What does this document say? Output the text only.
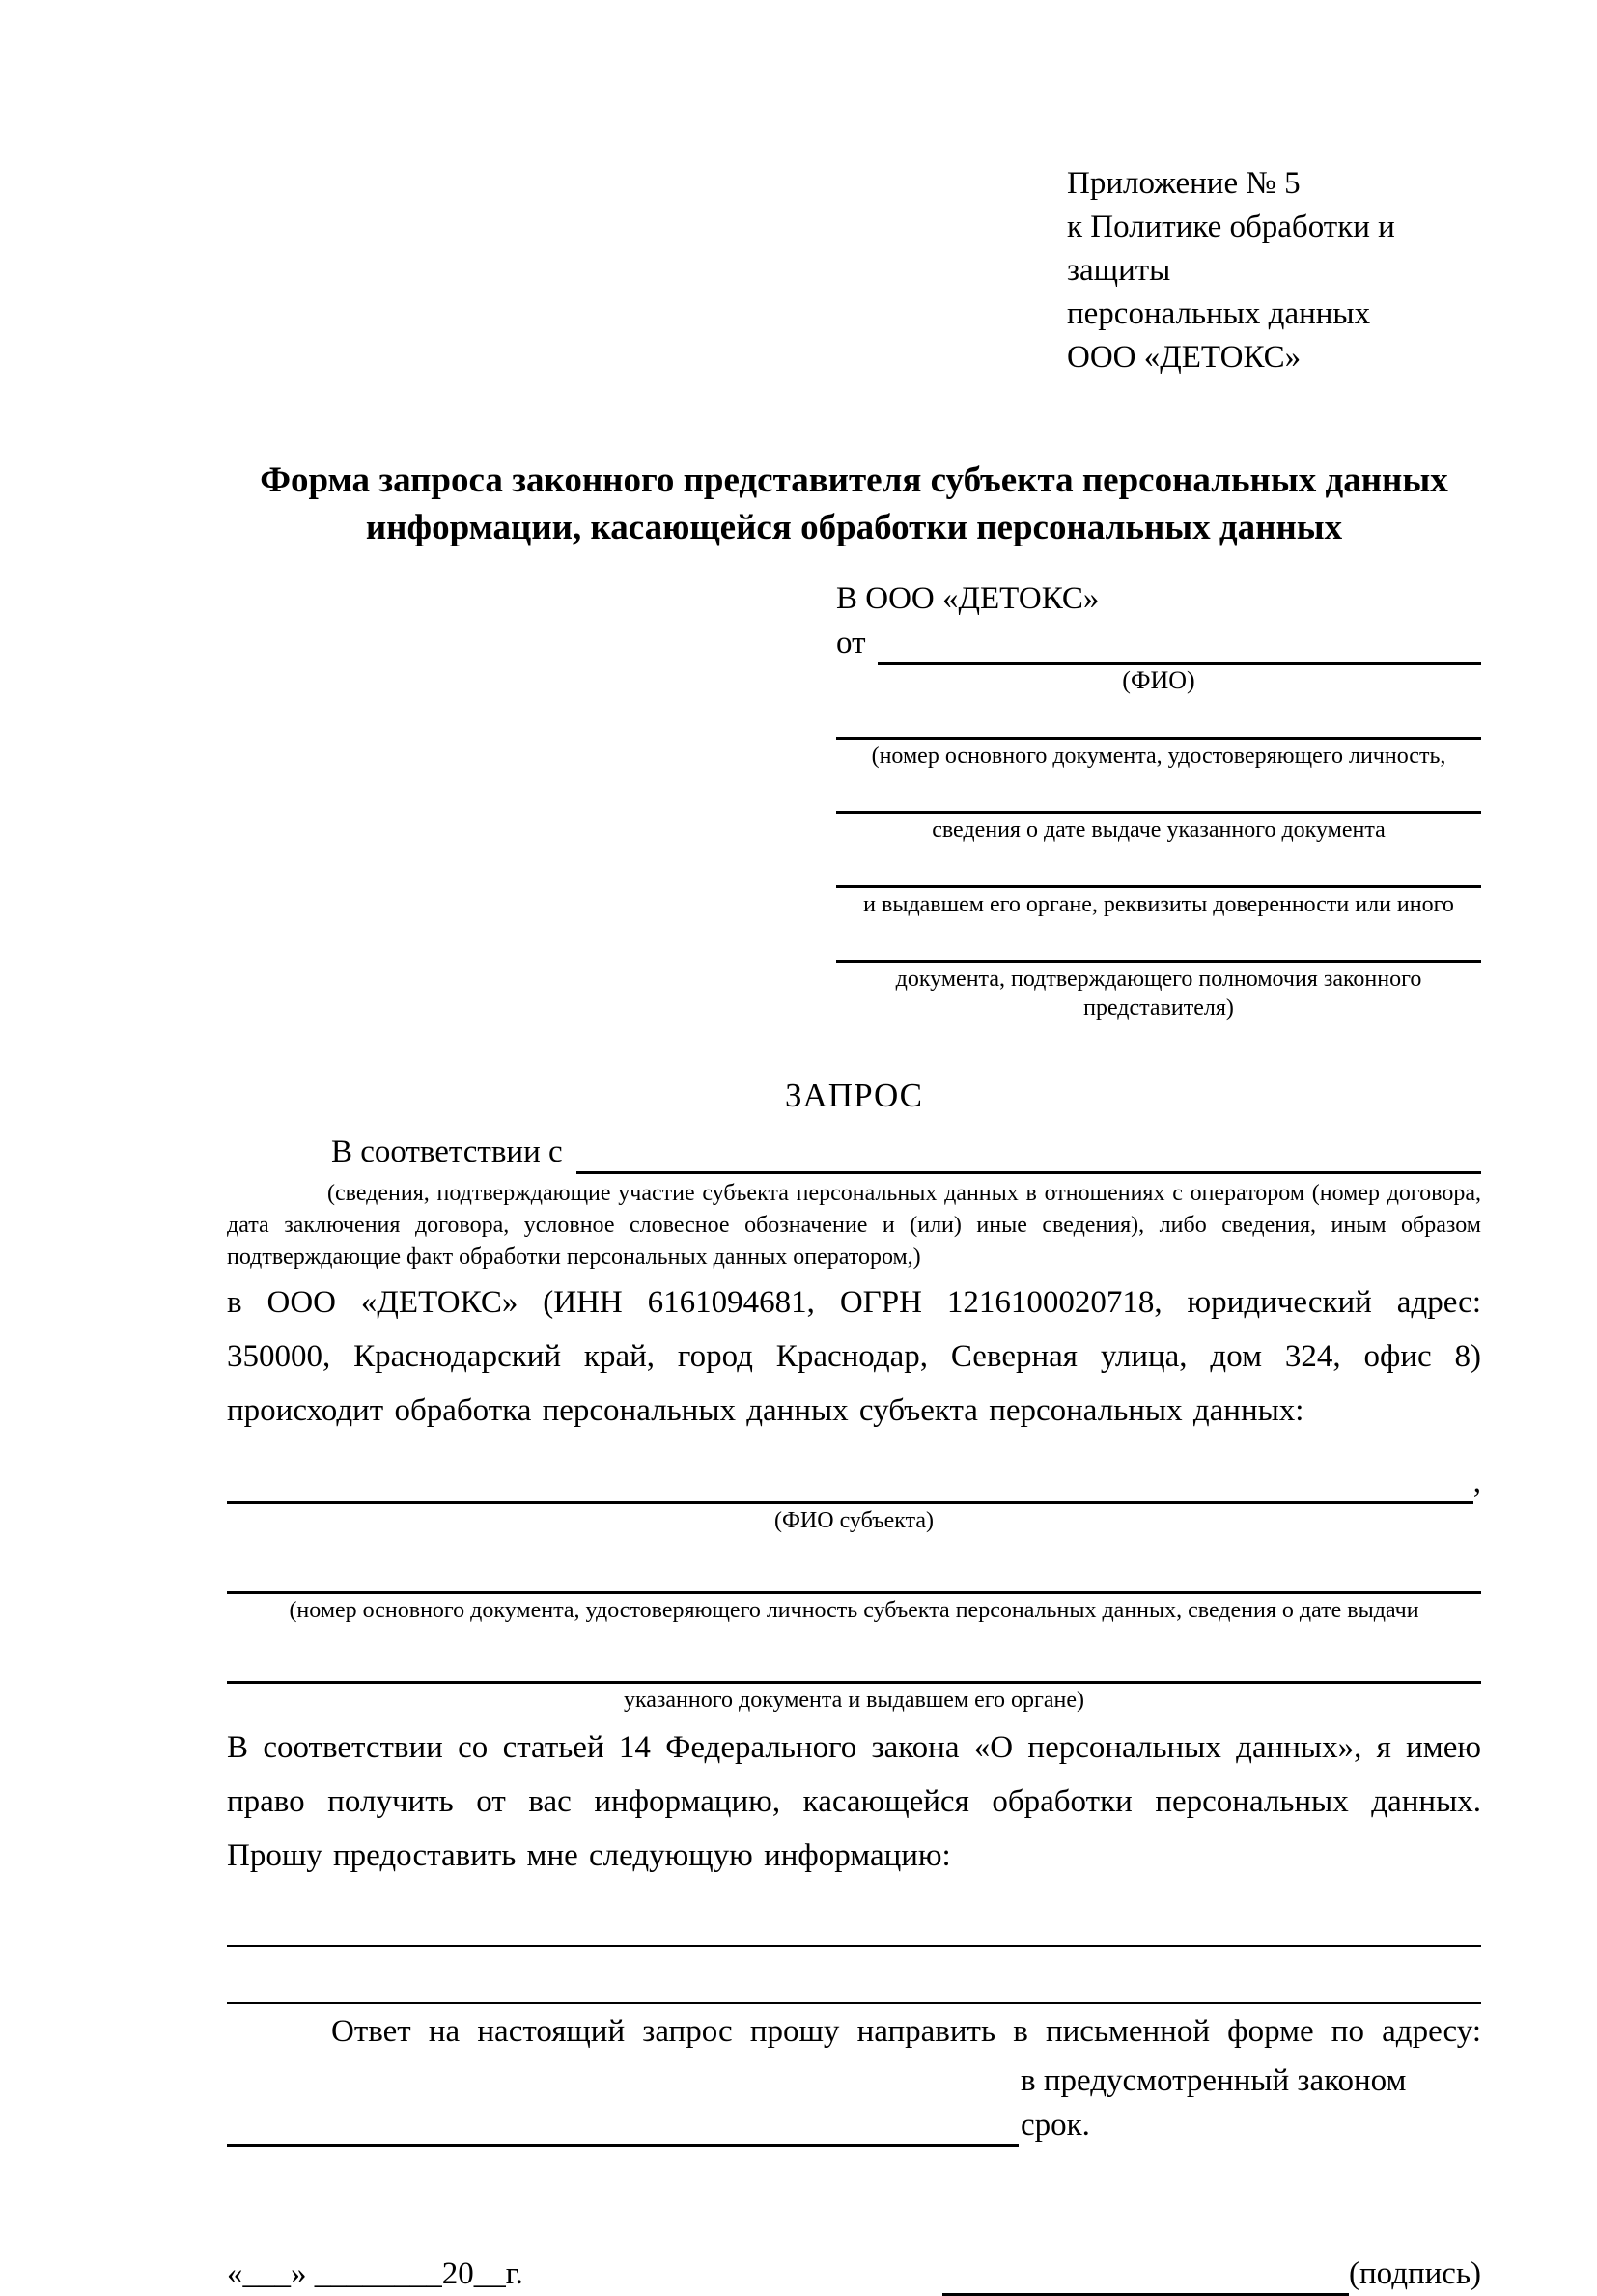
Приложение № 5
к Политике обработки и защиты
персональных данных
ООО «ДЕТОКС»
Форма запроса законного представителя субъекта персональных данных информации, касающейся обработки персональных данных
В ООО «ДЕТОКС»
от
(ФИО)
(номер основного документа, удостоверяющего личность,
сведения о дате выдаче указанного документа
и выдавшем его органе, реквизиты доверенности или иного
документа, подтверждающего полномочия законного представителя)
ЗАПРОС
В соответствии с
(сведения, подтверждающие участие субъекта персональных данных в отношениях с оператором (номер договора, дата заключения договора, условное словесное обозначение и (или) иные сведения), либо сведения, иным образом подтверждающие факт обработки персональных данных оператором,)
в ООО «ДЕТОКС» (ИНН 6161094681, ОГРН 1216100020718, юридический адрес: 350000, Краснодарский край, город Краснодар, Северная улица, дом 324, офис 8) происходит обработка персональных данных субъекта персональных данных:
,
(ФИО субъекта)
(номер основного документа, удостоверяющего личность субъекта персональных данных, сведения о дате выдачи
указанного документа и выдавшем его органе)
В соответствии со статьей 14 Федерального закона «О персональных данных», я имею право получить от вас информацию, касающейся обработки персональных данных. Прошу предоставить мне следующую информацию:
Ответ на настоящий запрос прошу направить в письменной форме по адресу:
в предусмотренный законом срок.
«___» ________20__г.	(подпись)
